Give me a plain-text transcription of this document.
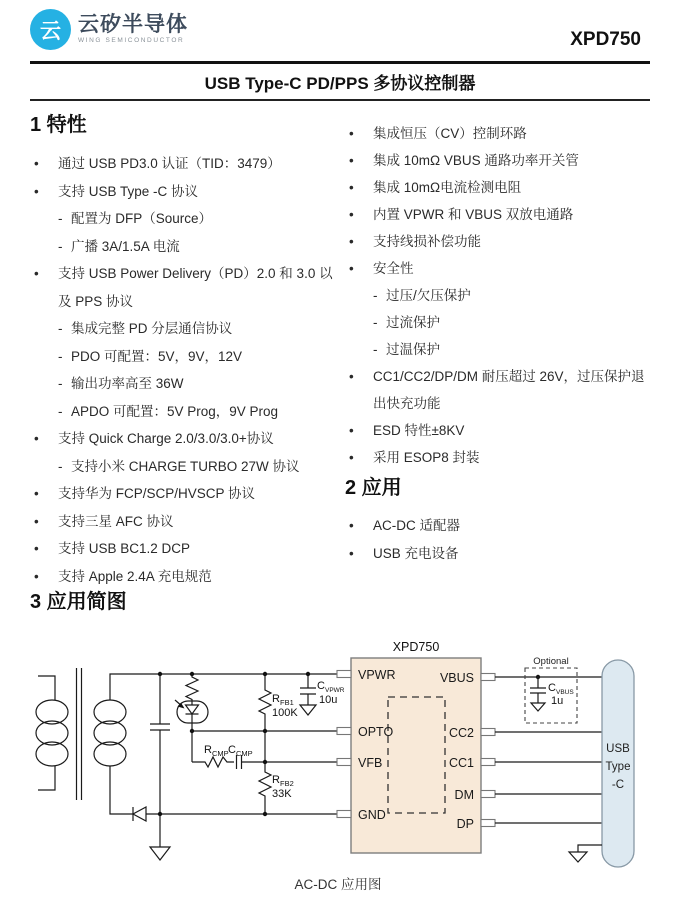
云 云矽半导体
WING SEMICONDUCTOR	XPD750
USB Type-C PD/PPS 多协议控制器
1 特性
• 通过 USB PD3.0 认证（TID：3479）
• 支持 USB Type -C 协议
- 配置为 DFP（Source）
- 广播 3A/1.5A 电流
• 支持 USB Power Delivery（PD）2.0 和 3.0 以及 PPS 协议
- 集成完整 PD 分层通信协议
- PDO 可配置：5V，9V，12V
- 输出功率高至 36W
- APDO 可配置：5V Prog，9V Prog
• 支持 Quick Charge 2.0/3.0/3.0+协议
- 支持小米 CHARGE TURBO 27W 协议
• 支持华为 FCP/SCP/HVSCP 协议
• 支持三星 AFC 协议
• 支持 USB BC1.2 DCP
• 支持 Apple 2.4A 充电规范
• 集成恒压（CV）控制环路
• 集成 10mΩ VBUS 通路功率开关管
• 集成 10mΩ电流检测电阻
• 内置 VPWR 和 VBUS 双放电通路
• 支持线损补偿功能
• 安全性
- 过压/欠压保护
- 过流保护
- 过温保护
• CC1/CC2/DP/DM 耐压超过 26V，过压保护退出快充功能
• ESD 特性±8KV
• 采用 ESOP8 封装
2 应用
• AC-DC 适配器
• USB 充电设备
3 应用简图
R FB1
100K
R FB2
33K
R CMP C CMP
C VPWR
10u
XPD750
VPWR
OPTO
VFB
GND
VBUS
CC2
CC1
DM
DP
Optional
C VBUS
1u
USB
Type
-C
AC-DC 应用图
